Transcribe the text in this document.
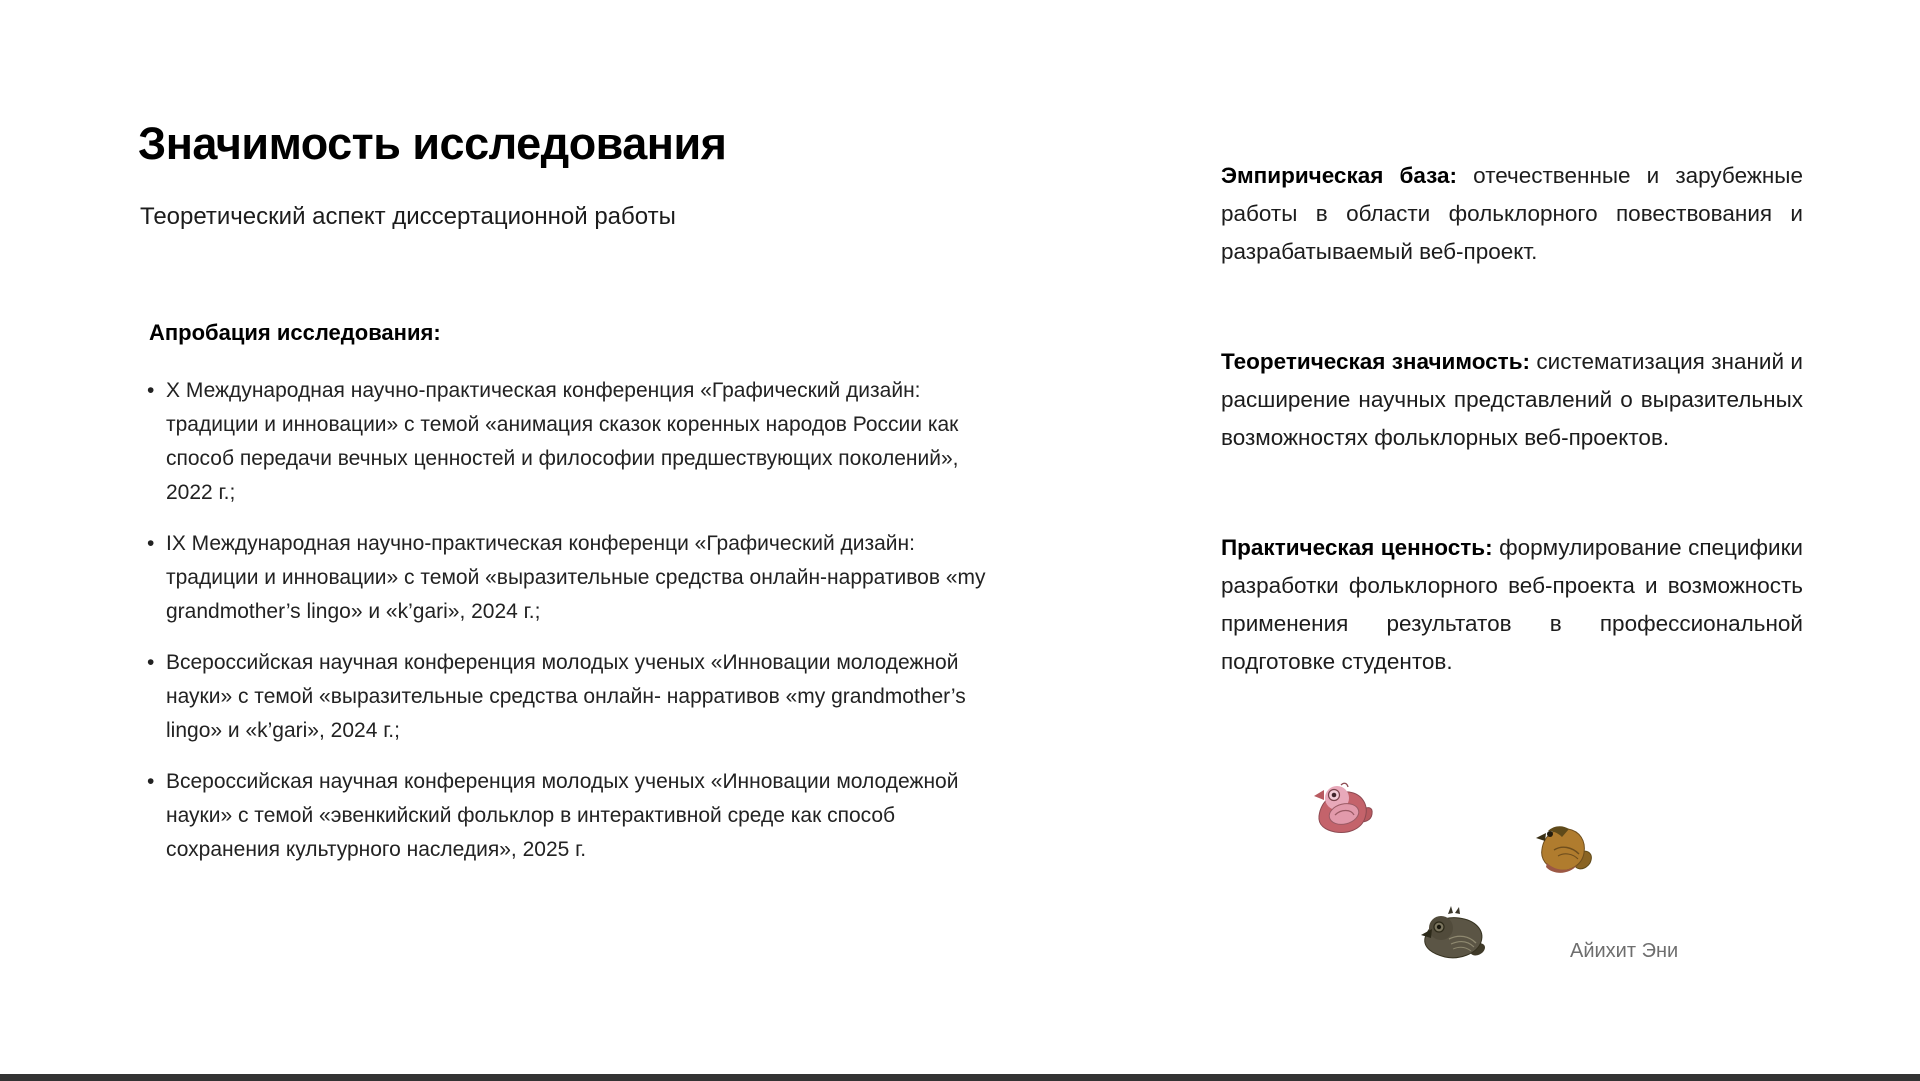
Значимость исследования

Теоретический аспект диссертационной работы

Апробация исследования:
• X Международная научно-практическая конференция «Графический дизайн: традиции и инновации» с темой «анимация сказок коренных народов России как способ передачи вечных ценностей и философии предшествующих поколений», 2022 г.;
• IX Международная научно-практическая конференци «Графический дизайн: традиции и инновации» с темой «выразительные средства онлайн-нарративов «my grandmother’s lingo» и «k’gari», 2024 г.;
• Всероссийская научная конференция молодых ученых «Инновации молодежной науки» с темой «выразительные средства онлайн- нарративов «my grandmother’s lingo» и «k’gari», 2024 г.;
• Всероссийская научная конференция молодых ученых «Инновации молодежной науки» с темой «эвенкийский фольклор в интерактивной среде как способ сохранения культурного наследия», 2025 г.

Эмпирическая база: отечественные и зарубежные работы в области фольклорного повествования и разрабатываемый веб-проект.

Теоретическая значимость: систематизация знаний и расширение научных представлений о выразительных возможностях фольклорных веб-проектов.

Практическая ценность: формулирование специфики разработки фольклорного веб-проекта и возможность применения результатов в профессиональной подготовке студентов.

Айихит Эни
